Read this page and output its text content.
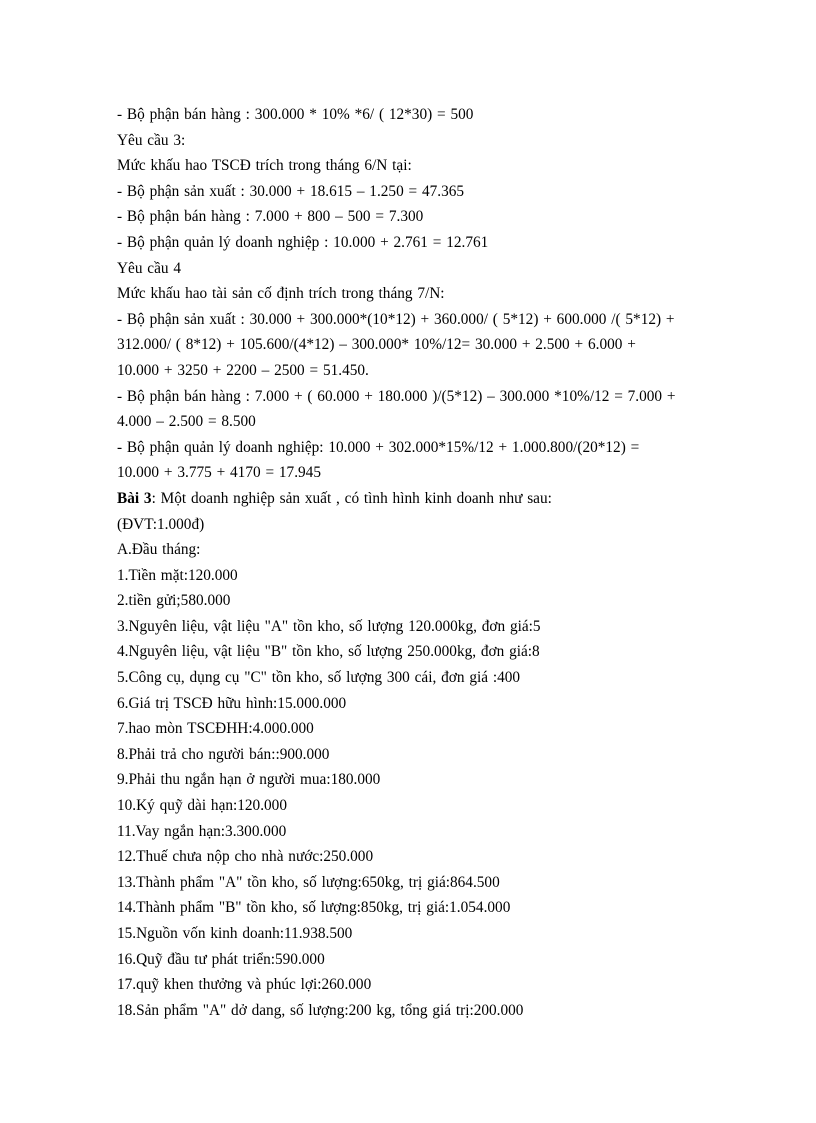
- Bộ phận bán hàng : 300.000 * 10% *6/ ( 12*30) = 500
Yêu cầu 3:
Mức khấu hao TSCĐ trích trong tháng 6/N tại:
- Bộ phận sản xuất : 30.000 + 18.615 – 1.250 = 47.365
- Bộ phận bán hàng : 7.000 + 800 – 500 = 7.300
- Bộ phận quản lý doanh nghiệp : 10.000 + 2.761 = 12.761
Yêu cầu 4
Mức khấu hao tài sản cố định trích trong tháng 7/N:
- Bộ phận sản xuất : 30.000 + 300.000*(10*12) + 360.000/ ( 5*12) + 600.000 /( 5*12) +
312.000/ ( 8*12) + 105.600/(4*12) – 300.000* 10%/12= 30.000 + 2.500 + 6.000 +
10.000 + 3250 + 2200 – 2500 = 51.450.
- Bộ phận bán hàng : 7.000 + ( 60.000 + 180.000 )/(5*12) – 300.000 *10%/12 = 7.000 +
4.000 – 2.500 = 8.500
- Bộ phận quản lý doanh nghiệp: 10.000 + 302.000*15%/12 + 1.000.800/(20*12) =
10.000 + 3.775 + 4170 = 17.945
Bài 3: Một doanh nghiệp sản xuất , có tình hình kinh doanh như sau:
(ĐVT:1.000đ)
A.Đầu tháng:
1.Tiền mặt:120.000
2.tiền gửi;580.000
3.Nguyên liệu, vật liệu "A" tồn kho, số lượng 120.000kg, đơn giá:5
4.Nguyên liệu, vật liệu "B" tồn kho, số lượng 250.000kg, đơn giá:8
5.Công cụ, dụng cụ "C" tồn kho, số lượng 300 cái, đơn giá :400
6.Giá trị TSCĐ hữu hình:15.000.000
7.hao mòn TSCĐHH:4.000.000
8.Phải trả cho người bán::900.000
9.Phải thu ngắn hạn ở người mua:180.000
10.Ký quỹ dài hạn:120.000
11.Vay ngắn hạn:3.300.000
12.Thuế chưa nộp cho nhà nước:250.000
13.Thành phẩm "A" tồn kho, số lượng:650kg, trị giá:864.500
14.Thành phẩm "B" tồn kho, số lượng:850kg, trị giá:1.054.000
15.Nguồn vốn kinh doanh:11.938.500
16.Quỹ đầu tư phát triển:590.000
17.quỹ khen thưởng và phúc lợi:260.000
18.Sản phẩm "A" dở dang, số lượng:200 kg, tổng giá trị:200.000
